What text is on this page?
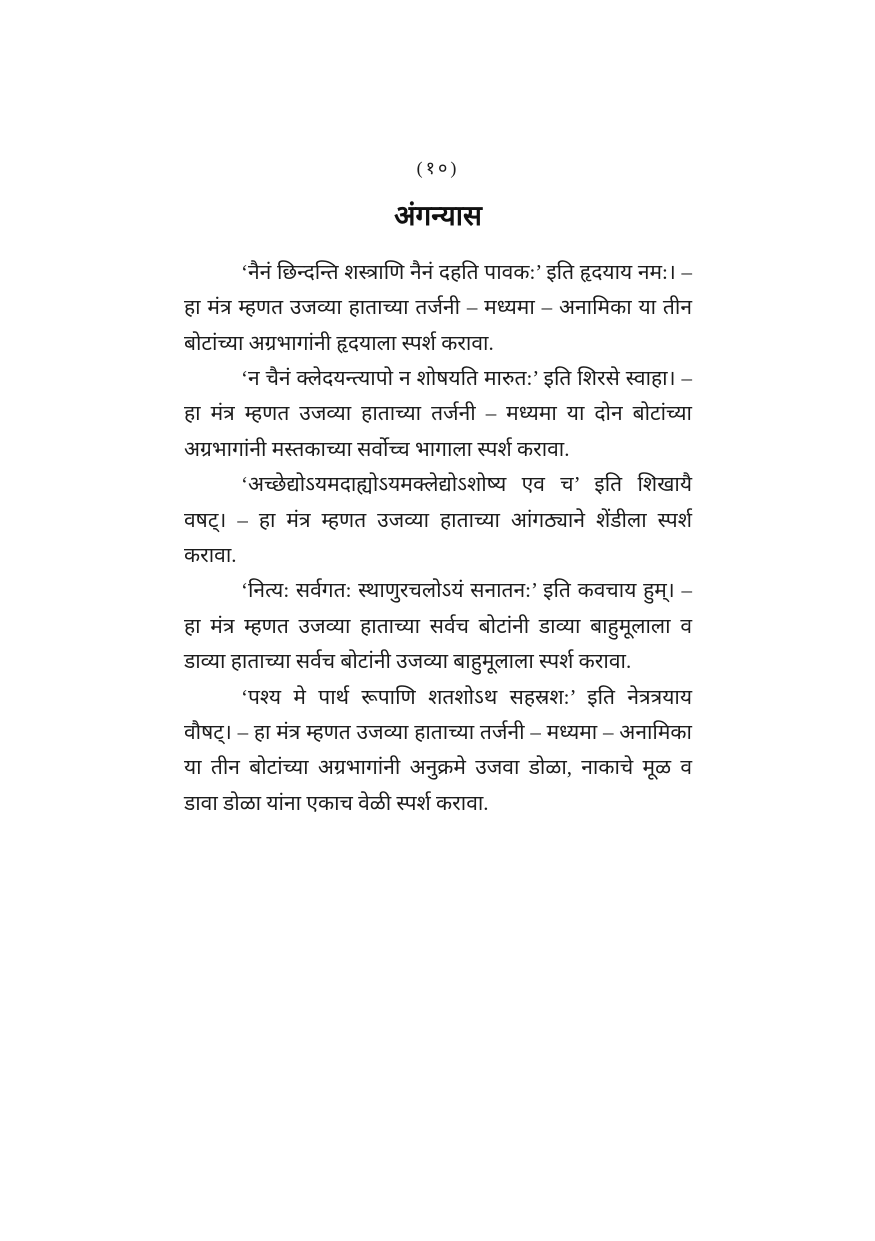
(१०)
अंगन्यास

‘नैनं छिन्दन्ति शस्त्राणि नैनं दहति पावक:’ इति हृदयाय नम:। – हा मंत्र म्हणत उजव्या हाताच्या तर्जनी – मध्यमा – अनामिका या तीन बोटांच्या अग्रभागांनी हृदयाला स्पर्श करावा.

‘न चैनं क्लेदयन्त्यापो न शोषयति मारुत:’ इति शिरसे स्वाहा। – हा मंत्र म्हणत उजव्या हाताच्या तर्जनी – मध्यमा या दोन बोटांच्या अग्रभागांनी मस्तकाच्या सर्वोच्च भागाला स्पर्श करावा.

‘अच्छेद्योऽयमदाह्योऽयमक्लेद्योऽशोष्य एव च’ इति शिखायै वषट्। – हा मंत्र म्हणत उजव्या हाताच्या आंगठ्याने शेंडीला स्पर्श करावा.

‘नित्य: सर्वगत: स्थाणुरचलोऽयं सनातन:’ इति कवचाय हुम्। – हा मंत्र म्हणत उजव्या हाताच्या सर्वच बोटांनी डाव्या बाहुमूलाला व डाव्या हाताच्या सर्वच बोटांनी उजव्या बाहुमूलाला स्पर्श करावा.

‘पश्य मे पार्थ रूपाणि शतशोऽथ सहस्रश:’ इति नेत्रत्रयाय वौषट्। – हा मंत्र म्हणत उजव्या हाताच्या तर्जनी – मध्यमा – अनामिका या तीन बोटांच्या अग्रभागांनी अनुक्रमे उजवा डोळा, नाकाचे मूळ व डावा डोळा यांना एकाच वेळी स्पर्श करावा.
